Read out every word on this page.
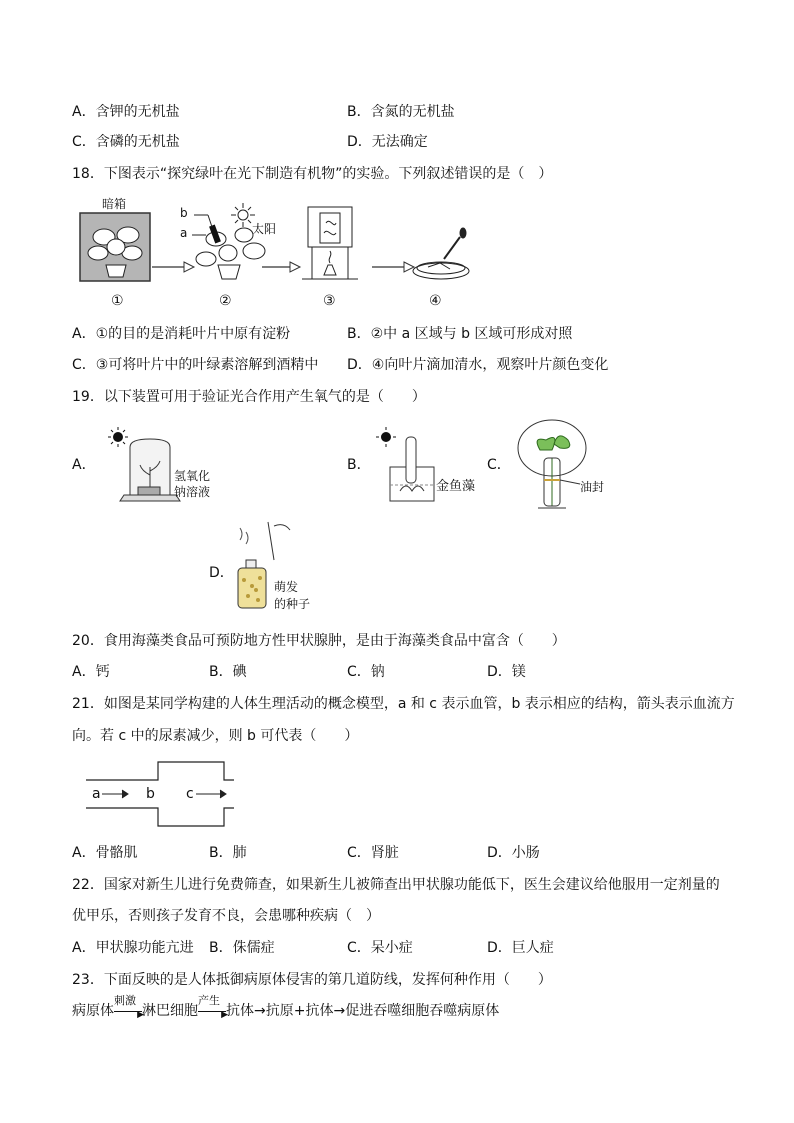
A．含钾的无机盐	B．含氮的无机盐
C．含磷的无机盐	D．无法确定
18．下图表示“探究绿叶在光下制造有机物”的实验。下列叙述错误的是（　）
暗箱
b
a	太阳
①	②	③	④
A．①的目的是消耗叶片中原有淀粉	B．②中 a 区域与 b 区域可形成对照
C．③可将叶片中的叶绿素溶解到酒精中 D．④向叶片滴加清水，观察叶片颜色变化
19．以下装置可用于验证光合作用产生氧气的是（　　）
A．
氢氧化
钠溶液
B．
金鱼藻
C．
油封
D．
萌发
的种子
20．食用海藻类食品可预防地方性甲状腺肿，是由于海藻类食品中富含（　　）
A．钙	B．碘	C．钠	D．镁
21．如图是某同学构建的人体生理活动的概念模型，a 和 c 表示血管，b 表示相应的结构，箭头表示血流方
向。若 c 中的尿素减少，则 b 可代表（　　）
a	b c
A．骨骼肌	B．肺	C．肾脏	D．小肠
22．国家对新生儿进行免费筛查，如果新生儿被筛查出甲状腺功能低下，医生会建议给他服用一定剂量的
优甲乐，否则孩子发育不良，会患哪种疾病（　）
A．甲状腺功能亢进 B．侏儒症	C．呆小症	D．巨人症
23．下面反映的是人体抵御病原体侵害的第几道防线，发挥何种作用（　　）
病原体
刺激
▶
 淋巴细胞
产生
▶
 抗体→抗原+抗体→促进吞噬细胞吞噬病原体
